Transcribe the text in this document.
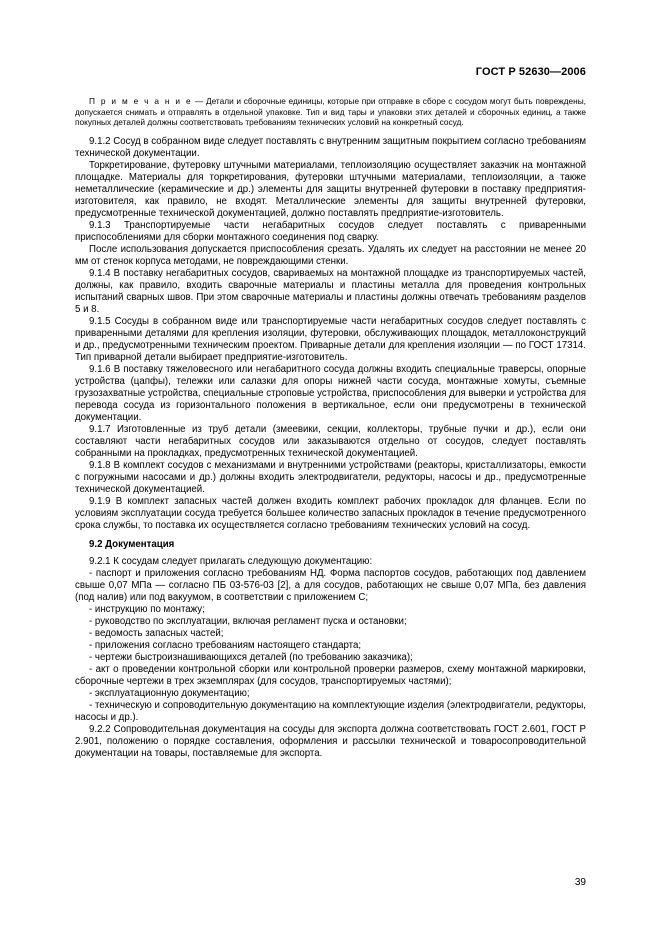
ГОСТ Р 52630—2006

П р и м е ч а н и е — Детали и сборочные единицы, которые при отправке в сборе с сосудом могут быть повреждены, допускается снимать и отправлять в отдельной упаковке. Тип и вид тары и упаковки этих деталей и сборочных единиц, а также покупных деталей должны соответствовать требованиям технических условий на конкретный сосуд.

9.1.2 Сосуд в собранном виде следует поставлять с внутренним защитным покрытием согласно требованиям технической документации.

Торкретирование, футеровку штучными материалами, теплоизоляцию осуществляет заказчик на монтажной площадке. Материалы для торкретирования, футеровки штучными материалами, теплоизоляции, а также неметаллические (керамические и др.) элементы для защиты внутренней футеровки в поставку предприятия-изготовителя, как правило, не входят. Металлические элементы для защиты внутренней футеровки, предусмотренные технической документацией, должно поставлять предприятие-изготовитель.

9.1.3 Транспортируемые части негабаритных сосудов следует поставлять с приваренными приспособлениями для сборки монтажного соединения под сварку.

После использования допускается приспособления срезать. Удалять их следует на расстоянии не менее 20 мм от стенок корпуса методами, не повреждающими стенки.

9.1.4 В поставку негабаритных сосудов, свариваемых на монтажной площадке из транспортируемых частей, должны, как правило, входить сварочные материалы и пластины металла для проведения контрольных испытаний сварных швов. При этом сварочные материалы и пластины должны отвечать требованиям разделов 5 и 8.

9.1.5 Сосуды в собранном виде или транспортируемые части негабаритных сосудов следует поставлять с приваренными деталями для крепления изоляции, футеровки, обслуживающих площадок, металлоконструкций и др., предусмотренными техническим проектом. Приварные детали для крепления изоляции — по ГОСТ 17314. Тип приварной детали выбирает предприятие-изготовитель.

9.1.6 В поставку тяжеловесного или негабаритного сосуда должны входить специальные траверсы, опорные устройства (цапфы), тележки или салазки для опоры нижней части сосуда, монтажные хомуты, съемные грузозахватные устройства, специальные строповые устройства, приспособления для выверки и устройства для перевода сосуда из горизонтального положения в вертикальное, если они предусмотрены в технической документации.

9.1.7 Изготовленные из труб детали (змеевики, секции, коллекторы, трубные пучки и др.), если они составляют части негабаритных сосудов или заказываются отдельно от сосудов, следует поставлять собранными на прокладках, предусмотренных технической документацией.

9.1.8 В комплект сосудов с механизмами и внутренними устройствами (реакторы, кристаллизаторы, емкости с погружными насосами и др.) должны входить электродвигатели, редукторы, насосы и др., предусмотренные технической документацией.

9.1.9 В комплект запасных частей должен входить комплект рабочих прокладок для фланцев. Если по условиям эксплуатации сосуда требуется большее количество запасных прокладок в течение предусмотренного срока службы, то поставка их осуществляется согласно требованиям технических условий на сосуд.

9.2 Документация

9.2.1 К сосудам следует прилагать следующую документацию:

- паспорт и приложения согласно требованиям НД. Форма паспортов сосудов, работающих под давлением свыше 0,07 МПа — согласно ПБ 03-576-03 [2], а для сосудов, работающих не свыше 0,07 МПа, без давления (под налив) или под вакуумом, в соответствии с приложением С;
- инструкцию по монтажу;
- руководство по эксплуатации, включая регламент пуска и остановки;
- ведомость запасных частей;
- приложения согласно требованиям настоящего стандарта;
- чертежи быстроизнашивающихся деталей (по требованию заказчика);
- акт о проведении контрольной сборки или контрольной проверки размеров, схему монтажной маркировки, сборочные чертежи в трех экземплярах (для сосудов, транспортируемых частями);
- эксплуатационную документацию;
- техническую и сопроводительную документацию на комплектующие изделия (электродвигатели, редукторы, насосы и др.).

9.2.2 Сопроводительная документация на сосуды для экспорта должна соответствовать ГОСТ 2.601, ГОСТ Р 2.901, положению о порядке составления, оформления и рассылки технической и товаросопроводительной документации на товары, поставляемые для экспорта.

39
